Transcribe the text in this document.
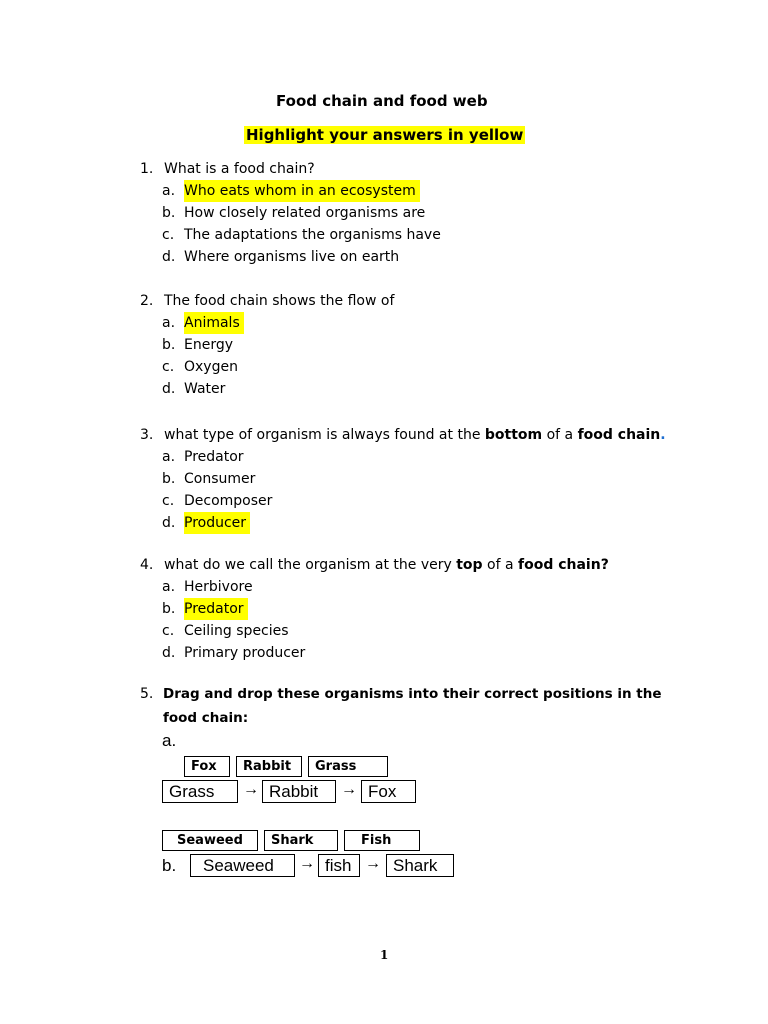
Food chain and food web
Highlight your answers in yellow
1. What is a food chain?
a. Who eats whom in an ecosystem
b. How closely related organisms are
c. The adaptations the organisms have
d. Where organisms live on earth
2. The food chain shows the flow of
a. Animals
b. Energy
c. Oxygen
d. Water
3. what type of organism is always found at the bottom of a food chain.
a. Predator
b. Consumer
c. Decomposer
d. Producer
4. what do we call the organism at the very top of a food chain?
a. Herbivore
b. Predator
c. Ceiling species
d. Primary producer
5. Drag and drop these organisms into their correct positions in the
food chain:
a.
Fox	Rabbit	Grass
Grass	→ Rabbit	→ Fox
Seaweed	Shark	Fish
b.	Seaweed	→ fish → Shark
1
